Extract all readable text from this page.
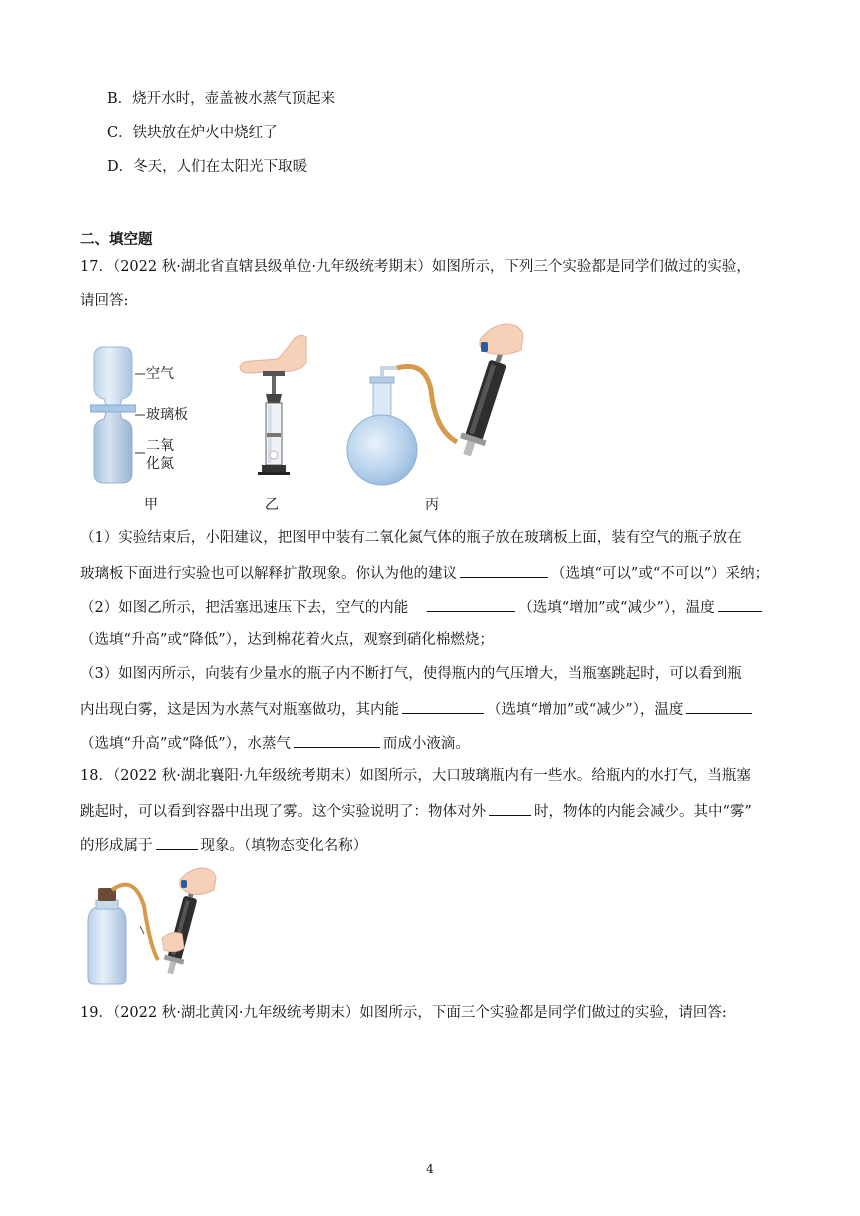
B．烧开水时，壶盖被水蒸气顶起来
C．铁块放在炉火中烧红了
D．冬天，人们在太阳光下取暖
二、填空题
17．（2022 秋·湖北省直辖县级单位·九年级统考期末）如图所示，下列三个实验都是同学们做过的实验，
请回答:
空气
玻璃板
二氧
化氮
甲	乙	丙
（1）实验结束后，小阳建议，把图甲中装有二氧化氮气体的瓶子放在玻璃板上面，装有空气的瓶子放在
玻璃板下面进行实验也可以解释扩散现象。你认为他的建议	（选填“可以”或“不可以”）采纳；
（2）如图乙所示，把活塞迅速压下去，空气的内能	（选填“增加”或“减少”），温度
（选填“升高”或“降低”），达到棉花着火点，观察到硝化棉燃烧；
（3）如图丙所示，向装有少量水的瓶子内不断打气，使得瓶内的气压增大，当瓶塞跳起时，可以看到瓶
内出现白雾，这是因为水蒸气对瓶塞做功，其内能	（选填“增加”或“减少”），温度
（选填“升高”或“降低”），水蒸气	而成小液滴。
18．（2022 秋·湖北襄阳·九年级统考期末）如图所示，大口玻璃瓶内有一些水。给瓶内的水打气，当瓶塞
跳起时，可以看到容器中出现了雾。这个实验说明了：物体对外	时，物体的内能会减少。其中“雾”
的形成属于	现象。（填物态变化名称）
19．（2022 秋·湖北黄冈·九年级统考期末）如图所示，下面三个实验都是同学们做过的实验，请回答:
4
